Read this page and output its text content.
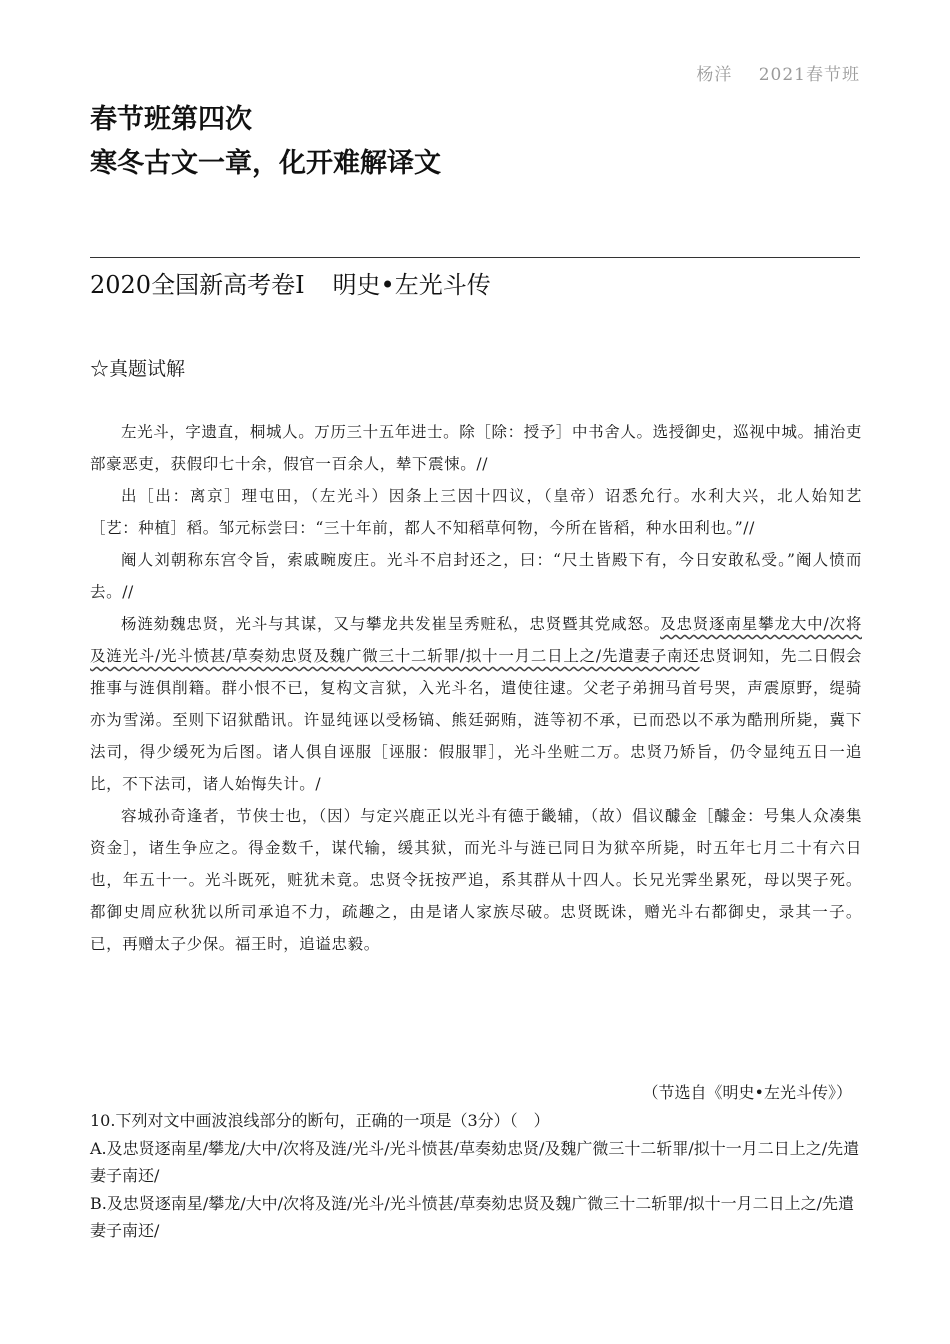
杨洋 2021春节班
春节班第四次
寒冬古文一章，化开难解译文
2020全国新高考卷Ⅰ 明史•左光斗传
☆真题试解

左光斗，字遗直，桐城人。万历三十五年进士。除［除：授予］中书舍人。选授御史，巡视中城。捕治吏部豪恶吏，获假印七十余，假官一百余人，辇下震悚。//

出［出：离京］理屯田，（左光斗）因条上三因十四议，（皇帝）诏悉允行。水利大兴，北人始知艺［艺：种植］稻。邹元标尝曰：“三十年前，都人不知稻草何物，今所在皆稻，种水田利也。”//

阉人刘朝称东宫令旨，索戚畹废庄。光斗不启封还之，曰：“尺土皆殿下有，今日安敢私受。”阉人愤而去。//

杨涟劾魏忠贤，光斗与其谋，又与攀龙共发崔呈秀赃私，忠贤暨其党咸怒。及忠贤逐南星攀龙大中/次将及涟光斗/光斗愤甚/草奏劾忠贤及魏广微三十二斩罪/拟十一月二日上之/先遣妻子南还忠贤诇知，先二日假会推事与涟俱削籍。群小恨不已，复构文言狱，入光斗名，遣使往逮。父老子弟拥马首号哭，声震原野，缇骑亦为雪涕。至则下诏狱酷讯。许显纯诬以受杨镐、熊廷弼贿，涟等初不承，已而恐以不承为酷刑所毙，冀下法司，得少缓死为后图。诸人俱自诬服［诬服：假服罪］，光斗坐赃二万。忠贤乃矫旨，仍令显纯五日一追比，不下法司，诸人始悔失计。/

容城孙奇逢者，节侠士也，（因）与定兴鹿正以光斗有德于畿辅，（故）倡议醵金［醵金：号集人众凑集资金］，诸生争应之。得金数千，谋代输，缓其狱，而光斗与涟已同日为狱卒所毙，时五年七月二十有六日也，年五十一。光斗既死，赃犹未竟。忠贤令抚按严追，系其群从十四人。长兄光霁坐累死，母以哭子死。都御史周应秋犹以所司承追不力，疏趣之，由是诸人家族尽破。忠贤既诛，赠光斗右都御史，录其一子。已，再赠太子少保。福王时，追谥忠毅。

（节选自《明史•左光斗传》）
10.下列对文中画波浪线部分的断句，正确的一项是（3分）（　）
A.及忠贤逐南星/攀龙/大中/次将及涟/光斗/光斗愤甚/草奏劾忠贤/及魏广微三十二斩罪/拟十一月二日上之/先遣妻子南还/
B.及忠贤逐南星/攀龙/大中/次将及涟/光斗/光斗愤甚/草奏劾忠贤及魏广微三十二斩罪/拟十一月二日上之/先遣妻子南还/
